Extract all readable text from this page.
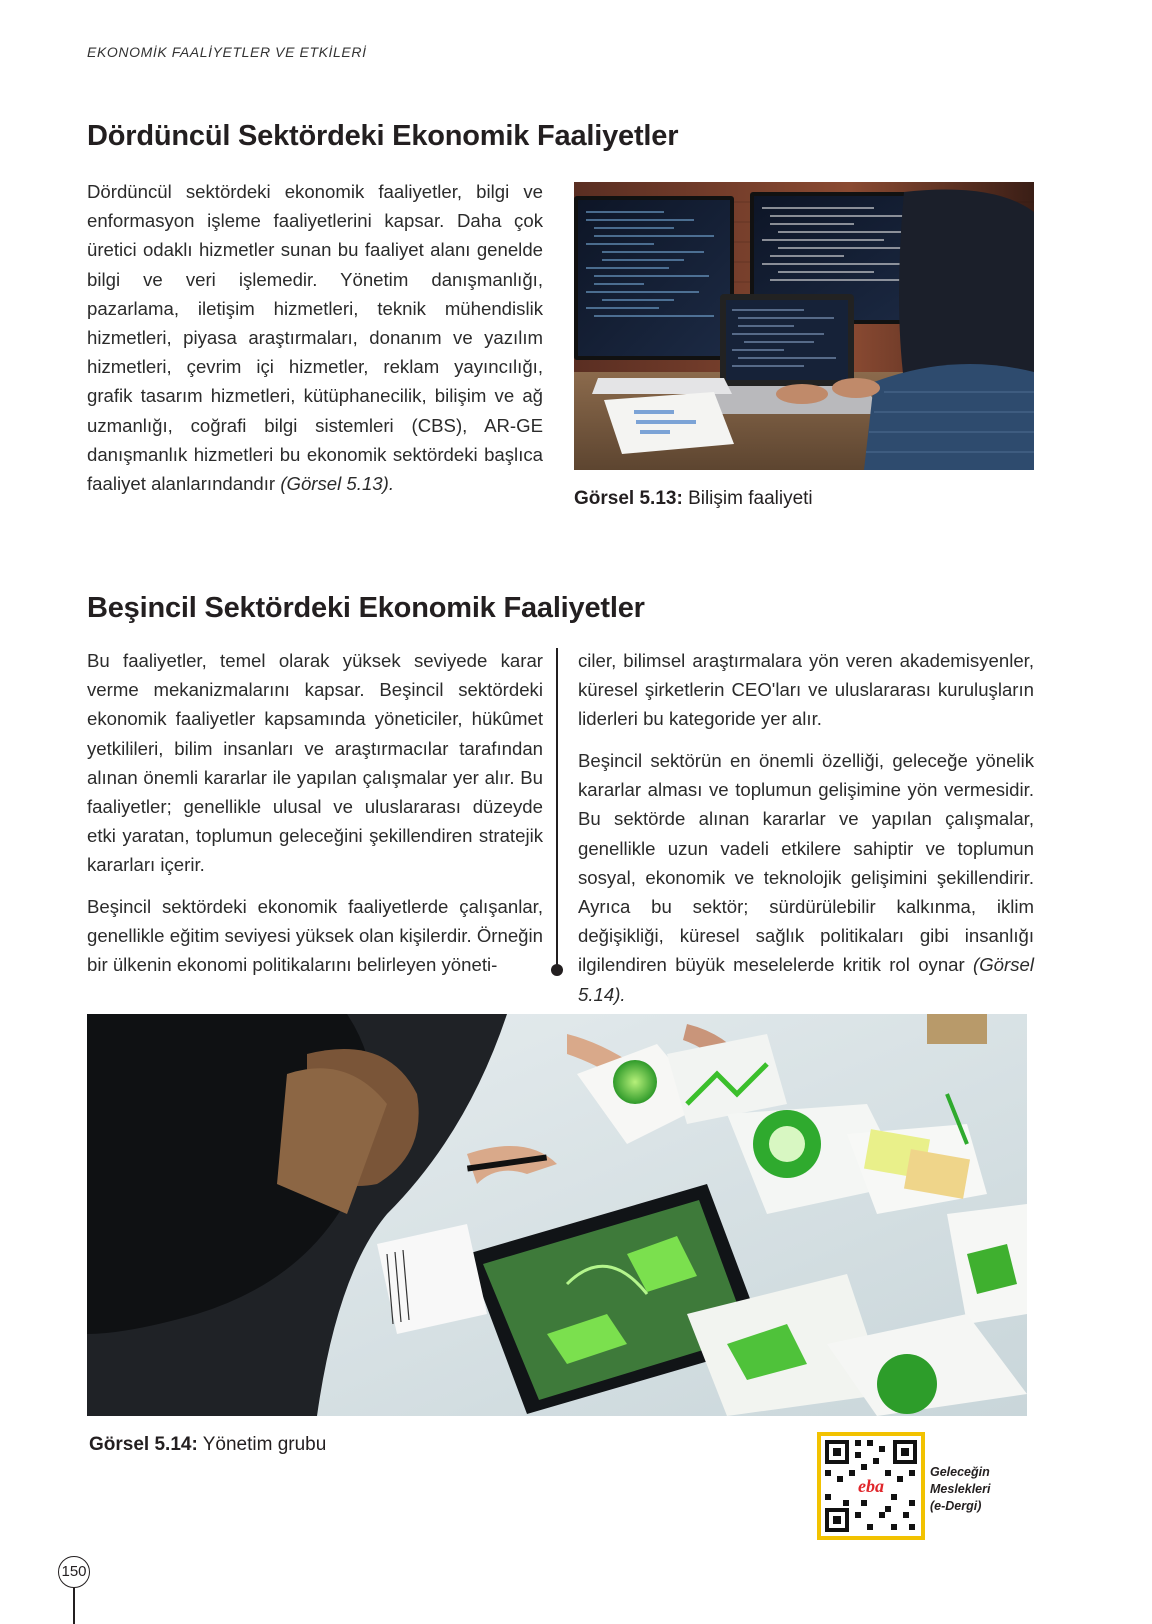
EKONOMİK FAALİYETLER VE ETKİLERİ
Dördüncül Sektördeki Ekonomik Faaliyetler

Dördüncül sektördeki ekonomik faaliyetler, bilgi ve enformasyon işleme faaliyetlerini kapsar. Daha çok üretici odaklı hizmetler sunan bu faaliyet alanı genelde bilgi ve veri işlemedir. Yönetim danışmanlığı, pazarlama, iletişim hizmetleri, teknik mühendislik hizmetleri, piyasa araştırmaları, donanım ve yazılım hizmetleri, çevrim içi hizmetler, reklam yayıncılığı, grafik tasarım hizmetleri, kütüphanecilik, bilişim ve ağ uzmanlığı, coğrafi bilgi sistemleri (CBS), AR-GE danışmanlık hizmetleri bu ekonomik sektördeki başlıca faaliyet alanlarındandır (Görsel 5.13).

Görsel 5.13: Bilişim faaliyeti

Beşincil Sektördeki Ekonomik Faaliyetler

Bu faaliyetler, temel olarak yüksek seviyede karar verme mekanizmalarını kapsar. Beşincil sektördeki ekonomik faaliyetler kapsamında yöneticiler, hükûmet yetkilileri, bilim insanları ve araştırmacılar tarafından alınan önemli kararlar ile yapılan çalışmalar yer alır. Bu faaliyetler; genellikle ulusal ve uluslararası düzeyde etki yaratan, toplumun geleceğini şekillendiren stratejik kararları içerir.

Beşincil sektördeki ekonomik faaliyetlerde çalışanlar, genellikle eğitim seviyesi yüksek olan kişilerdir. Örneğin bir ülkenin ekonomi politikalarını belirleyen yöneti-

ciler, bilimsel araştırmalara yön veren akademisyenler, küresel şirketlerin CEO'ları ve uluslararası kuruluşların liderleri bu kategoride yer alır.

Beşincil sektörün en önemli özelliği, geleceğe yönelik kararlar alması ve toplumun gelişimine yön vermesidir. Bu sektörde alınan kararlar ve yapılan çalışmalar, genellikle uzun vadeli etkilere sahiptir ve toplumun sosyal, ekonomik ve teknolojik gelişimini şekillendirir. Ayrıca bu sektör; sürdürülebilir kalkınma, iklim değişikliği, küresel sağlık politikaları gibi insanlığı ilgilendiren büyük meselelerde kritik rol oynar (Görsel 5.14).

Görsel 5.14: Yönetim grubu

eba
Geleceğin
Meslekleri
(e-Dergi)
150
